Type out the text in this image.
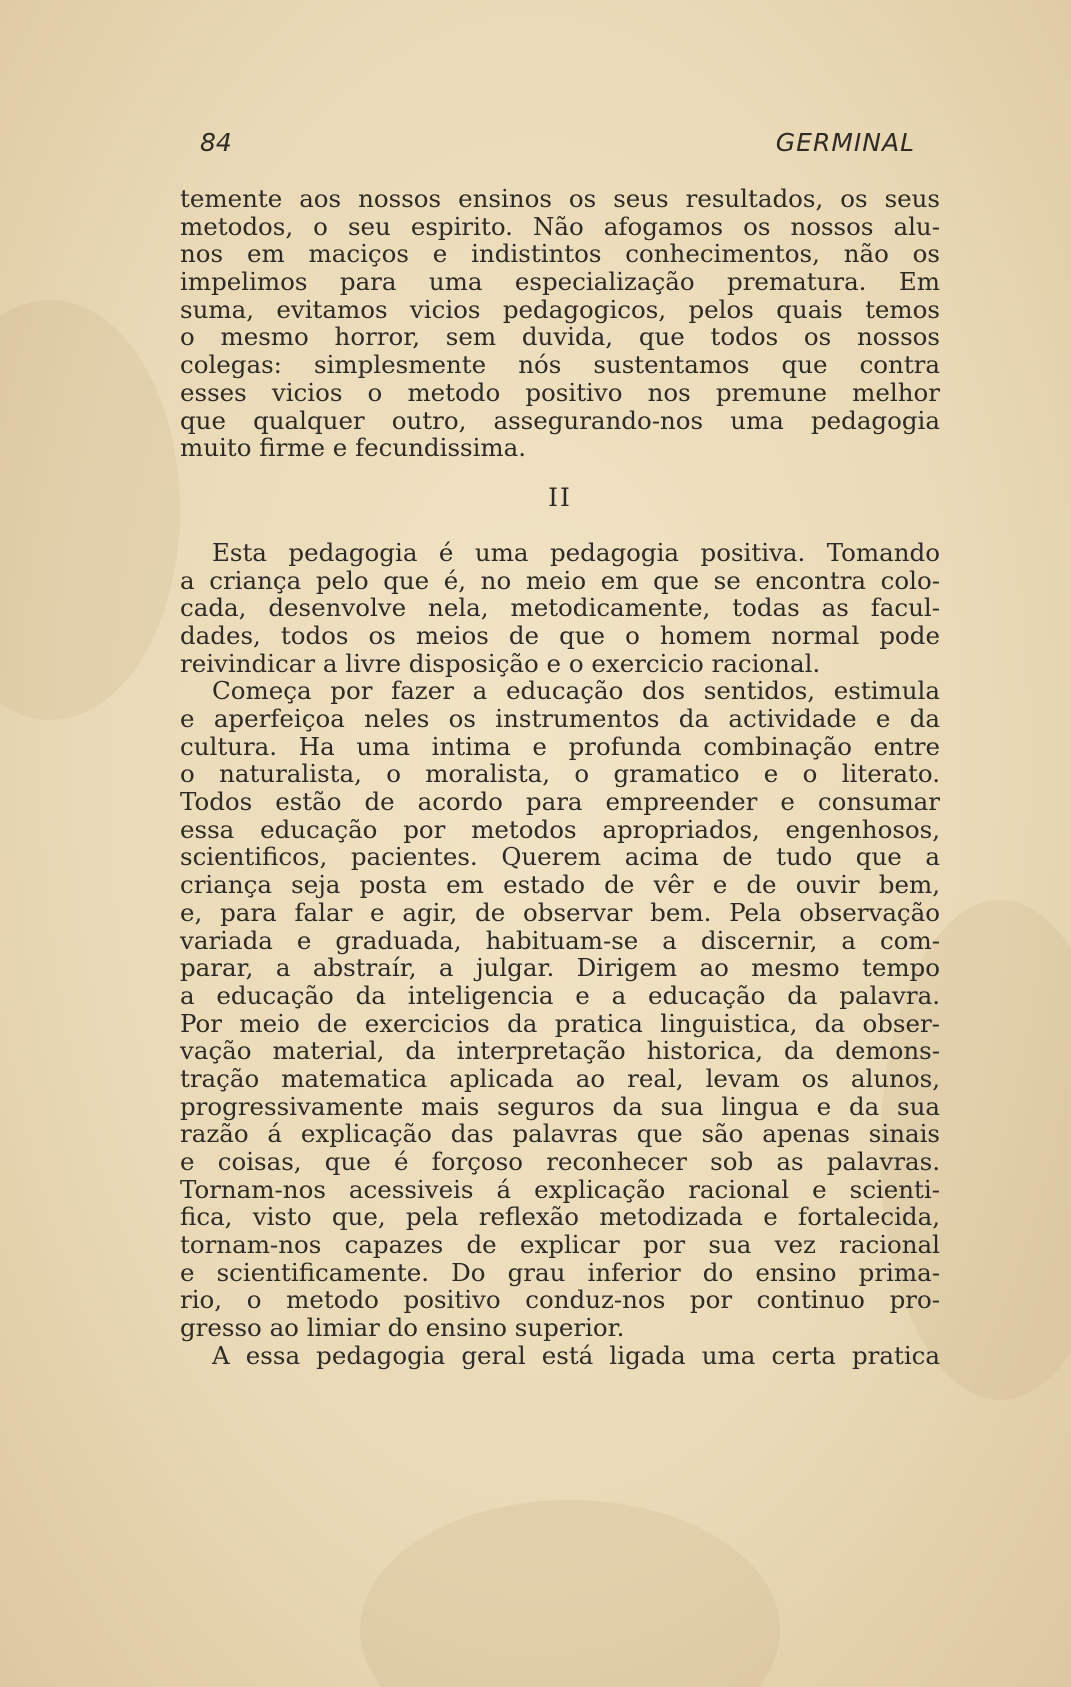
84	GERMINAL
temente aos nossos ensinos os seus resultados, os seus
metodos, o seu espirito. Não afogamos os nossos alu-
nos em maciços e indistintos conhecimentos, não os
impelimos para uma especialização prematura. Em
suma, evitamos vicios pedagogicos, pelos quais temos
o mesmo horror, sem duvida, que todos os nossos
colegas: simplesmente nós sustentamos que contra
esses vicios o metodo positivo nos premune melhor
que qualquer outro, assegurando-nos uma pedagogia
muito firme e fecundissima.
II
Esta pedagogia é uma pedagogia positiva. Tomando
a criança pelo que é, no meio em que se encontra colo-
cada, desenvolve nela, metodicamente, todas as facul-
dades, todos os meios de que o homem normal pode
reivindicar a livre disposição e o exercicio racional.
Começa por fazer a educação dos sentidos, estimula
e aperfeiçoa neles os instrumentos da actividade e da
cultura. Ha uma intima e profunda combinação entre
o naturalista, o moralista, o gramatico e o literato.
Todos estão de acordo para empreender e consumar
essa educação por metodos apropriados, engenhosos,
scientificos, pacientes. Querem acima de tudo que a
criança seja posta em estado de vêr e de ouvir bem,
e, para falar e agir, de observar bem. Pela observação
variada e graduada, habituam-se a discernir, a com-
parar, a abstraír, a julgar. Dirigem ao mesmo tempo
a educação da inteligencia e a educação da palavra.
Por meio de exercicios da pratica linguistica, da obser-
vação material, da interpretação historica, da demons-
tração matematica aplicada ao real, levam os alunos,
progressivamente mais seguros da sua lingua e da sua
razão á explicação das palavras que são apenas sinais
e coisas, que é forçoso reconhecer sob as palavras.
Tornam-nos acessiveis á explicação racional e scienti-
fica, visto que, pela reflexão metodizada e fortalecida,
tornam-nos capazes de explicar por sua vez racional
e scientificamente. Do grau inferior do ensino prima-
rio, o metodo positivo conduz-nos por continuo pro-
gresso ao limiar do ensino superior.
A essa pedagogia geral está ligada uma certa pratica
